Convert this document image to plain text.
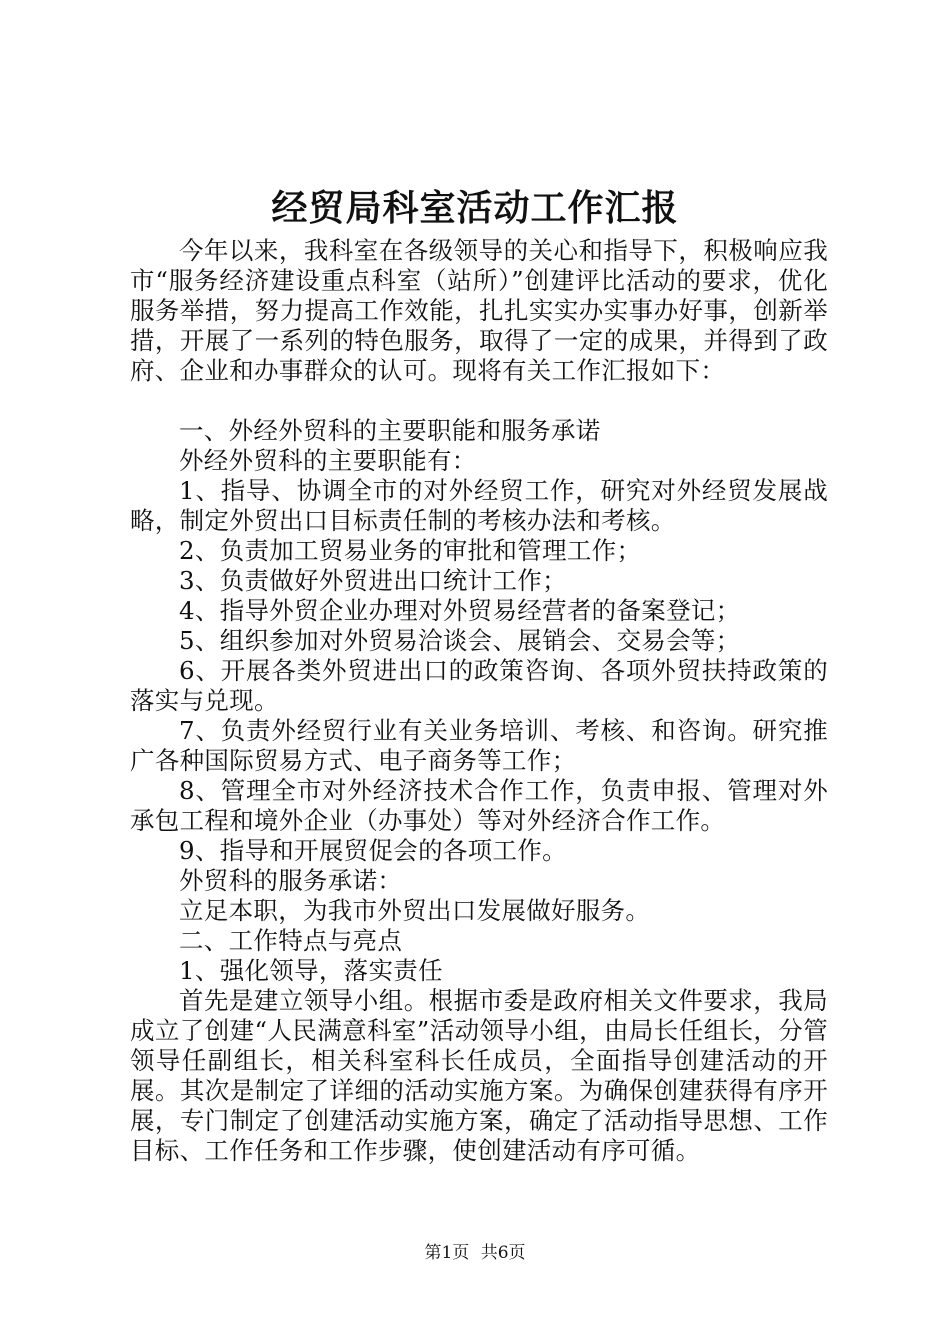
经贸局科室活动工作汇报

今年以来，我科室在各级领导的关心和指导下，积极响应我市“服务经济建设重点科室（站所）”创建评比活动的要求，优化服务举措，努力提高工作效能，扎扎实实办实事办好事，创新举措，开展了一系列的特色服务，取得了一定的成果，并得到了政府、企业和办事群众的认可。现将有关工作汇报如下：

一、外经外贸科的主要职能和服务承诺

外经外贸科的主要职能有：

1、指导、协调全市的对外经贸工作，研究对外经贸发展战略，制定外贸出口目标责任制的考核办法和考核。

2、负责加工贸易业务的审批和管理工作；

3、负责做好外贸进出口统计工作；

4、指导外贸企业办理对外贸易经营者的备案登记；

5、组织参加对外贸易洽谈会、展销会、交易会等；

6、开展各类外贸进出口的政策咨询、各项外贸扶持政策的落实与兑现。

7、负责外经贸行业有关业务培训、考核、和咨询。研究推广各种国际贸易方式、电子商务等工作；

8、管理全市对外经济技术合作工作，负责申报、管理对外承包工程和境外企业（办事处）等对外经济合作工作。

9、指导和开展贸促会的各项工作。

外贸科的服务承诺：

立足本职，为我市外贸出口发展做好服务。

二、工作特点与亮点

1、强化领导，落实责任

首先是建立领导小组。根据市委是政府相关文件要求，我局成立了创建“人民满意科室”活动领导小组，由局长任组长，分管领导任副组长，相关科室科长任成员，全面指导创建活动的开展。其次是制定了详细的活动实施方案。为确保创建获得有序开展，专门制定了创建活动实施方案，确定了活动指导思想、工作目标、工作任务和工作步骤，使创建活动有序可循。

第1页 共6页
